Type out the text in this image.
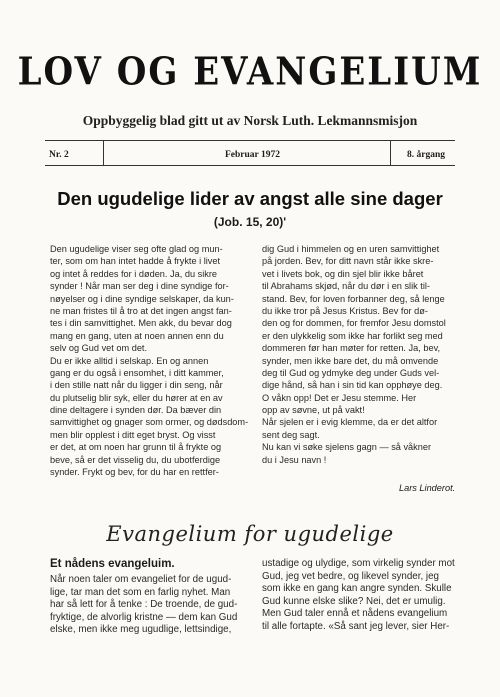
LOV OG EVANGELIUM
Oppbyggelig blad gitt ut av Norsk Luth. Lekmannsmisjon
Nr. 2	Februar 1972	8. årgang
Den ugudelige lider av angst alle sine dager
(Job. 15, 20)'
Den ugudelige viser seg ofte glad og mun-
ter, som om han intet hadde å frykte i livet
og intet å reddes for i døden. Ja, du sikre
synder ! Når man ser deg i dine syndige for-
nøyelser og i dine syndige selskaper, da kun-
ne man fristes til å tro at det ingen angst fan-
tes i din samvittighet. Men akk, du bevar dog
mang en gang, uten at noen annen enn du
selv og Gud vet om det.
Du er ikke alltid i selskap. En og annen
gang er du også i ensomhet, i ditt kammer,
i den stille natt når du ligger i din seng, når
du plutselig blir syk, eller du hører at en av
dine deltagere i synden dør. Da bæver din
samvittighet og gnager som ormer, og dødsdom-
men blir opplest i ditt eget bryst. Og visst
er det, at om noen har grunn til å frykte og
beve, så er det visselig du, du ubotferdige
synder. Frykt og bev, for du har en rettfer-
dig Gud i himmelen og en uren samvittighet
på jorden. Bev, for ditt navn står ikke skre-
vet i livets bok, og din sjel blir ikke båret
til Abrahams skjød, når du dør i en slik til-
stand. Bev, for loven forbanner deg, så lenge
du ikke tror på Jesus Kristus. Bev for dø-
den og for dommen, for fremfor Jesu domstol
er den ulykkelig som ikke har forlikt seg med
dommeren før han møter for retten. Ja, bev,
synder, men ikke bare det, du må omvende
deg til Gud og ydmyke deg under Guds vel-
dige hånd, så han i sin tid kan opphøye deg.
O våkn opp! Det er Jesu stemme. Her
opp av søvne, ut på vakt!
Når sjelen er i evig klemme, da er det altfor
sent deg sagt.
Nu kan vi søke sjelens gagn — så våkner
du i Jesu navn !
Lars Linderot.
Evangelium for ugudelige
Et nådens evangeluim.
Når noen taler om evangeliet for de ugud-
lige, tar man det som en farlig nyhet. Man
har så lett for å tenke : De troende, de gud-
fryktige, de alvorlig kristne — dem kan Gud
elske, men ikke meg ugudlige, lettsindige,
ustadige og ulydige, som virkelig synder mot
Gud, jeg vet bedre, og likevel synder, jeg
som ikke en gang kan angre synden. Skulle
Gud kunne elske slike? Nei, det er umulig.
Men Gud taler ennå et nådens evangelium
til alle fortapte. «Så sant jeg lever, sier Her-
